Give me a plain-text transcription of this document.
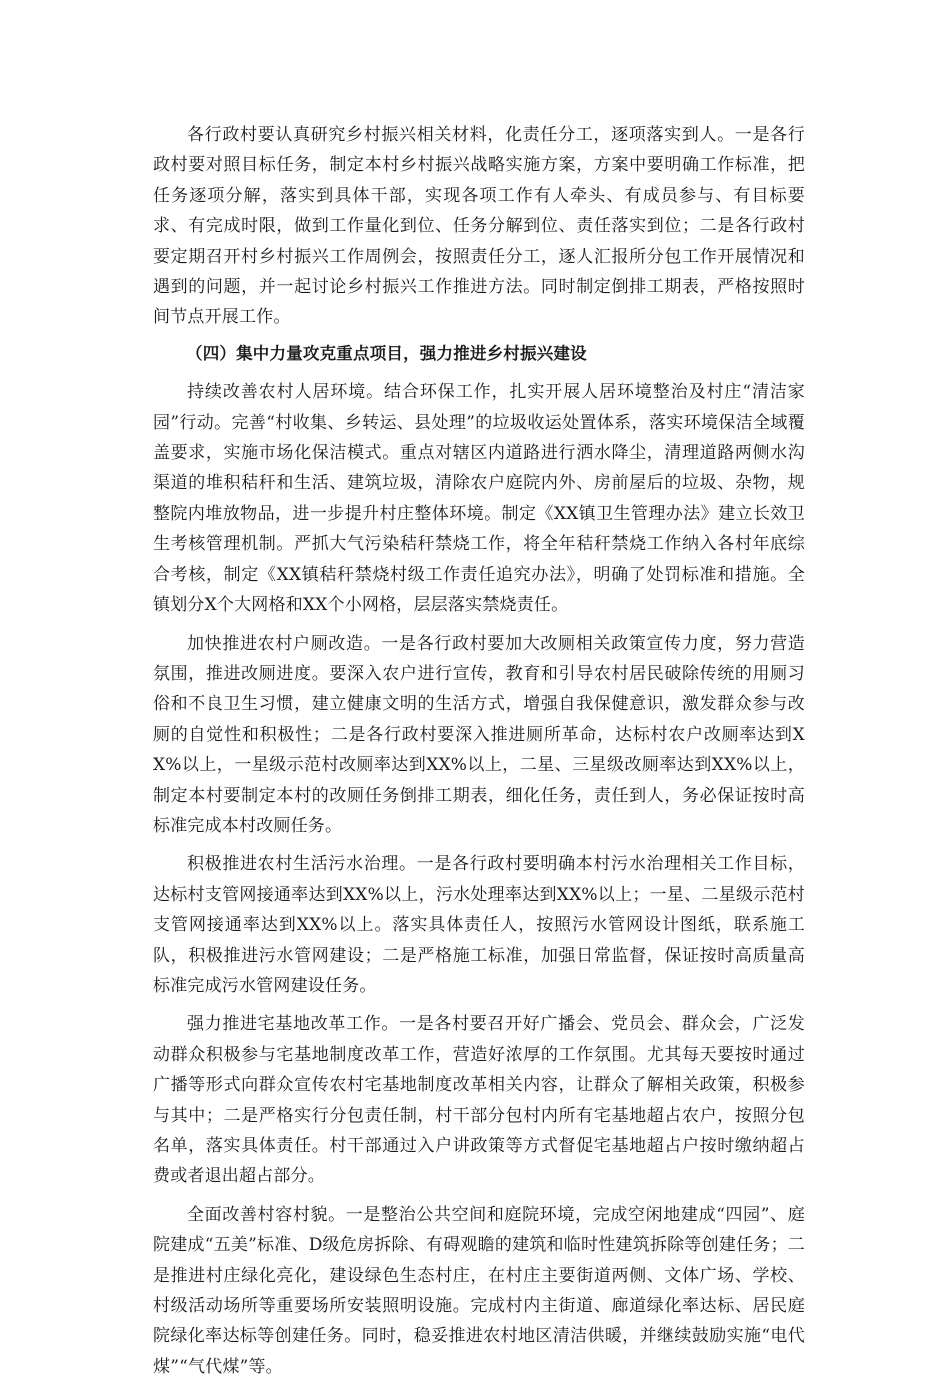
各行政村要认真研究乡村振兴相关材料，化责任分工，逐项落实到人。一是各行政村要对照目标任务，制定本村乡村振兴战略实施方案，方案中要明确工作标准，把任务逐项分解，落实到具体干部，实现各项工作有人牵头、有成员参与、有目标要求、有完成时限，做到工作量化到位、任务分解到位、责任落实到位；二是各行政村要定期召开村乡村振兴工作周例会，按照责任分工，逐人汇报所分包工作开展情况和遇到的问题，并一起讨论乡村振兴工作推进方法。同时制定倒排工期表，严格按照时间节点开展工作。

（四）集中力量攻克重点项目，强力推进乡村振兴建设

持续改善农村人居环境。结合环保工作，扎实开展人居环境整治及村庄“清洁家园”行动。完善“村收集、乡转运、县处理”的垃圾收运处置体系，落实环境保洁全域覆盖要求，实施市场化保洁模式。重点对辖区内道路进行洒水降尘，清理道路两侧水沟渠道的堆积秸秆和生活、建筑垃圾，清除农户庭院内外、房前屋后的垃圾、杂物，规整院内堆放物品，进一步提升村庄整体环境。制定《XX镇卫生管理办法》建立长效卫生考核管理机制。严抓大气污染秸秆禁烧工作，将全年秸秆禁烧工作纳入各村年底综合考核，制定《XX镇秸秆禁烧村级工作责任追究办法》，明确了处罚标准和措施。全镇划分X个大网格和XX个小网格，层层落实禁烧责任。

加快推进农村户厕改造。一是各行政村要加大改厕相关政策宣传力度，努力营造氛围，推进改厕进度。要深入农户进行宣传，教育和引导农村居民破除传统的用厕习俗和不良卫生习惯，建立健康文明的生活方式，增强自我保健意识，激发群众参与改厕的自觉性和积极性；二是各行政村要深入推进厕所革命，达标村农户改厕率达到XX%以上，一星级示范村改厕率达到XX%以上，二星、三星级改厕率达到XX%以上，制定本村要制定本村的改厕任务倒排工期表，细化任务，责任到人，务必保证按时高标准完成本村改厕任务。

积极推进农村生活污水治理。一是各行政村要明确本村污水治理相关工作目标，达标村支管网接通率达到XX%以上，污水处理率达到XX%以上；一星、二星级示范村支管网接通率达到XX%以上。落实具体责任人，按照污水管网设计图纸，联系施工队，积极推进污水管网建设；二是严格施工标准，加强日常监督，保证按时高质量高标准完成污水管网建设任务。

强力推进宅基地改革工作。一是各村要召开好广播会、党员会、群众会，广泛发动群众积极参与宅基地制度改革工作，营造好浓厚的工作氛围。尤其每天要按时通过广播等形式向群众宣传农村宅基地制度改革相关内容，让群众了解相关政策，积极参与其中；二是严格实行分包责任制，村干部分包村内所有宅基地超占农户，按照分包名单，落实具体责任。村干部通过入户讲政策等方式督促宅基地超占户按时缴纳超占费或者退出超占部分。

全面改善村容村貌。一是整治公共空间和庭院环境，完成空闲地建成“四园”、庭院建成“五美”标准、D级危房拆除、有碍观瞻的建筑和临时性建筑拆除等创建任务；二是推进村庄绿化亮化，建设绿色生态村庄，在村庄主要街道两侧、文体广场、学校、村级活动场所等重要场所安装照明设施。完成村内主街道、廊道绿化率达标、居民庭院绿化率达标等创建任务。同时，稳妥推进农村地区清洁供暖，并继续鼓励实施“电代煤”“气代煤”等。
